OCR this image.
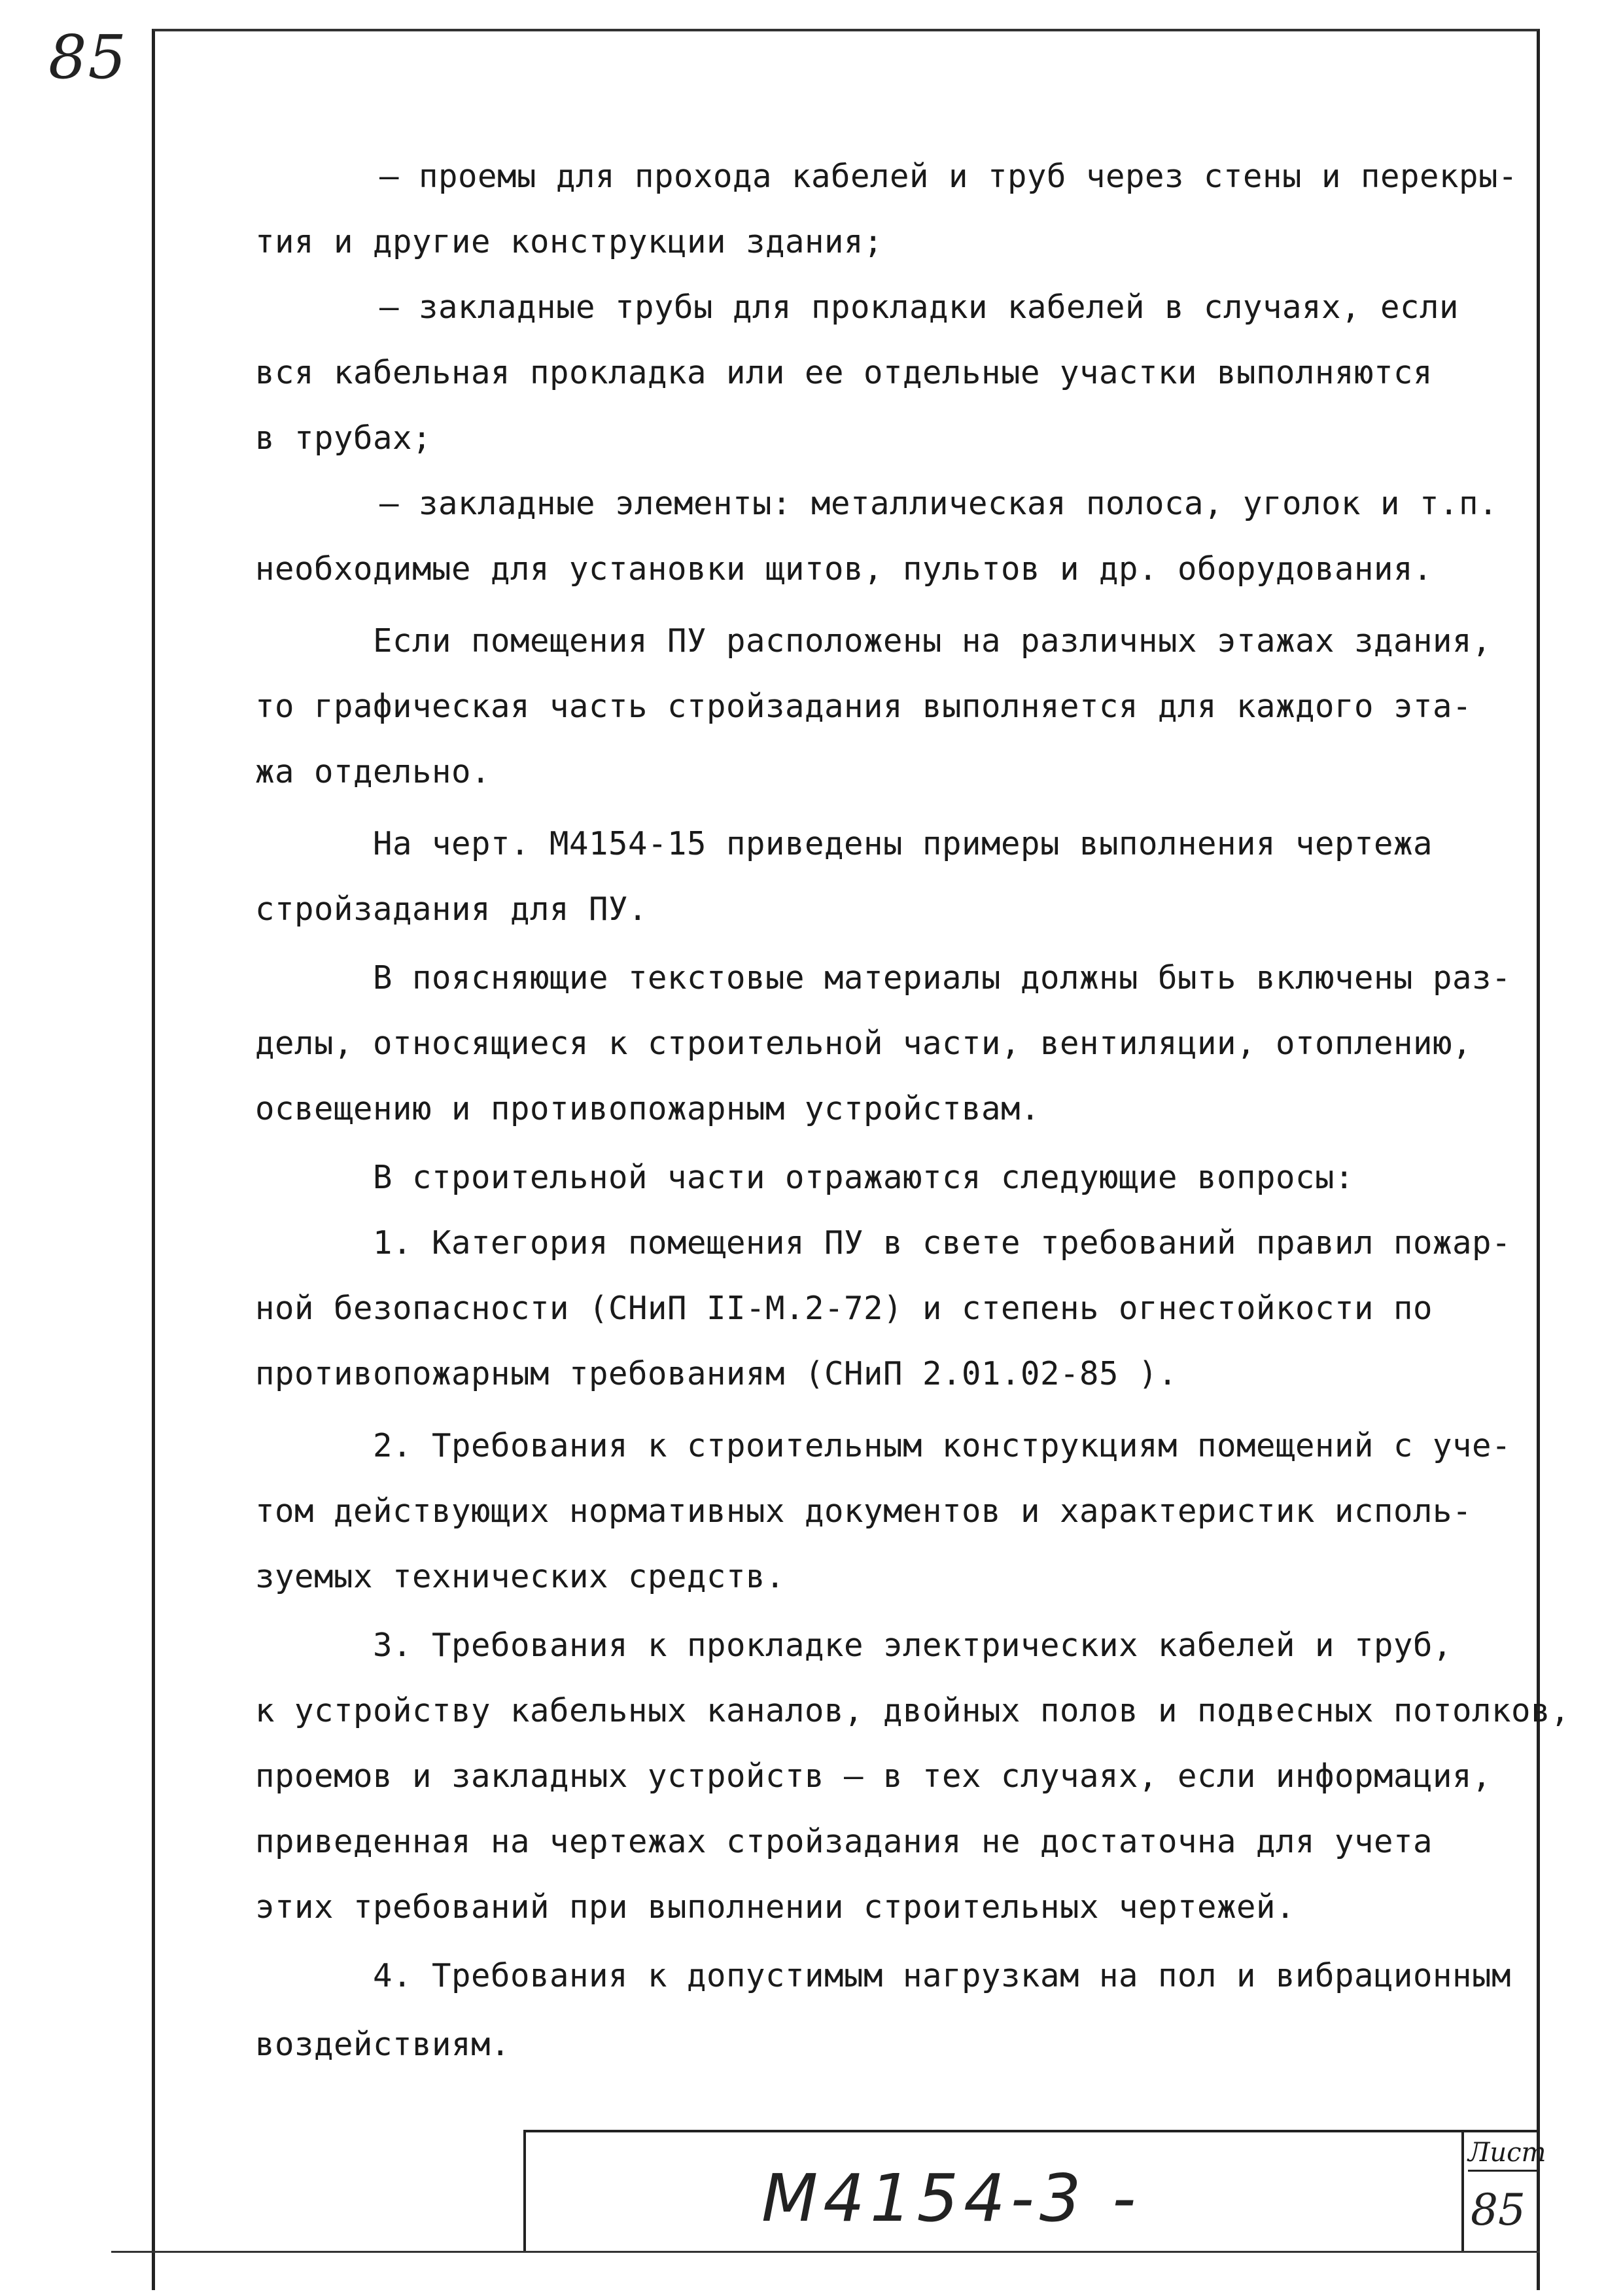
85
– проемы для прохода кабелей и труб через стены и перекры-
тия и другие конструкции здания;
– закладные трубы для прокладки кабелей в случаях, если
вся кабельная прокладка или ее отдельные участки выполняются
в трубах;
– закладные элементы: металлическая полоса, уголок и т.п.
необходимые для установки щитов, пультов и др. оборудования.
Если помещения ПУ расположены на различных этажах здания,
то графическая часть стройзадания выполняется для каждого эта-
жа отдельно.
На черт. М4154-15 приведены примеры выполнения чертежа
стройзадания для ПУ.
В поясняющие текстовые материалы должны быть включены раз-
делы, относящиеся к строительной части, вентиляции, отоплению,
освещению и противопожарным устройствам.
В строительной части отражаются следующие вопросы:
1. Категория помещения ПУ в свете требований правил пожар-
ной безопасности (СНиП II-М.2-72) и степень огнестойкости по
противопожарным требованиям (СНиП 2.01.02-85 ).
2. Требования к строительным конструкциям помещений с уче-
том действующих нормативных документов и характеристик исполь-
зуемых технических средств.
3. Требования к прокладке электрических кабелей и труб,
к устройству кабельных каналов, двойных полов и подвесных потолков,
проемов и закладных устройств – в тех случаях, если информация,
приведенная на чертежах стройзадания не достаточна для учета
этих требований при выполнении строительных чертежей.
4. Требования к допустимым нагрузкам на пол и вибрационным
воздействиям.
М4154-3 -
Лист
85
